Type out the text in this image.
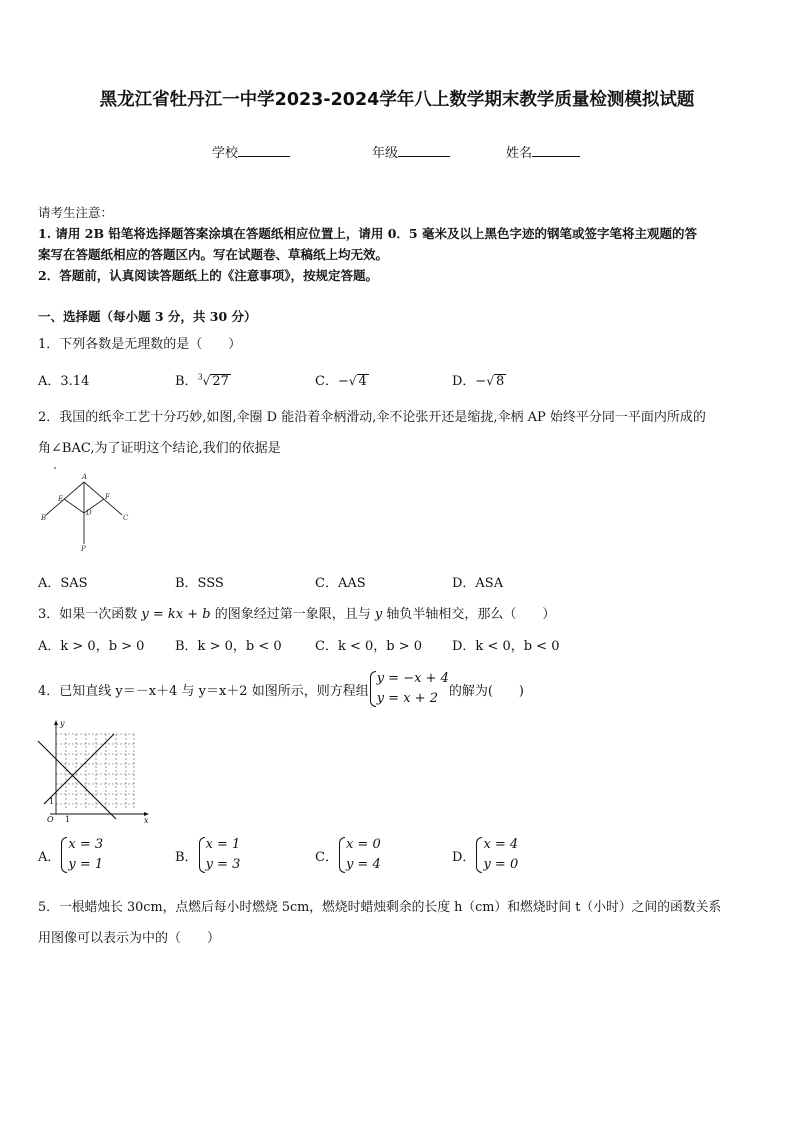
黑龙江省牡丹江一中学2023-2024学年八上数学期末教学质量检测模拟试题
学校	年级	姓名
请考生注意：
1. 请用 2B 铅笔将选择题答案涂填在答题纸相应位置上，请用 0．5 毫米及以上黑色字迹的钢笔或签字笔将主观题的答
案写在答题纸相应的答题区内。写在试题卷、草稿纸上均无效。
2．答题前，认真阅读答题纸上的《注意事项》，按规定答题。
一、选择题（每小题 3 分，共 30 分）
1．下列各数是无理数的是（　　）
A．3.14	B．$^3$√ 27	C．−√ 4	D．−√ 8
2．我国的纸伞工艺十分巧妙,如图,伞圈 D 能沿着伞柄滑动,伞不论张开还是缩拢,伞柄 AP 始终平分同一平面内所成的
角∠BAC,为了证明这个结论,我们的依据是
A
B	C
D
E	F
P
A．SAS	B．SSS	C．AAS	D．ASA
3．如果一次函数 y = kx + b 的图象经过第一象限，且与 y 轴负半轴相交，那么（　　）
A．k > 0，b > 0 B．k > 0，b < 0	C．k < 0，b > 0 D．k < 0，b < 0
4．已知直线 y＝－x＋4 与 y＝x＋2 如图所示，则方程组
y = −x + 4
y = x + 2 的解为(　　)
y
x
O 1
1
A．
x = 3
y = 1	B．
x = 1
y = 3	C．
x = 0
y = 4	D．
x = 4
y = 0
5．一根蜡烛长 30cm，点燃后每小时燃烧 5cm，燃烧时蜡烛剩余的长度 h（cm）和燃烧时间 t（小时）之间的函数关系
用图像可以表示为中的（　　）
